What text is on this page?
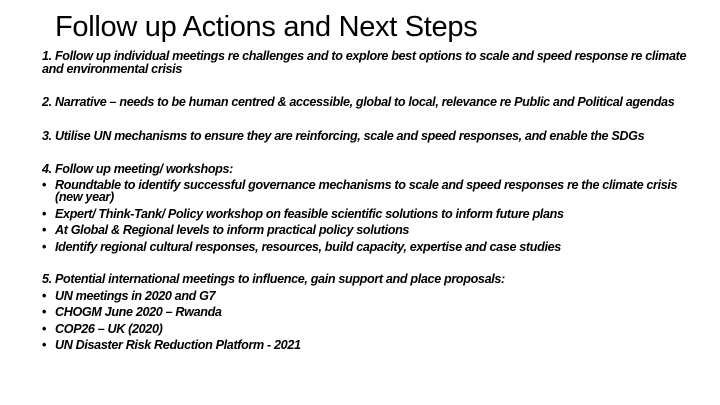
Follow up Actions and Next Steps

1. Follow up individual meetings re challenges and to explore best options to scale and speed response re climate and environmental crisis

2. Narrative – needs to be human centred & accessible, global to local, relevance re Public and Political agendas

3. Utilise UN mechanisms to ensure they are reinforcing, scale and speed responses, and enable the SDGs

4. Follow up meeting/ workshops:

• Roundtable to identify successful governance mechanisms to scale and speed responses re the climate crisis (new year)
• Expert/ Think-Tank/ Policy workshop on feasible scientific solutions to inform future plans
• At Global & Regional levels to inform practical policy solutions
• Identify regional cultural responses, resources, build capacity, expertise and case studies

5. Potential international meetings to influence, gain support and place proposals:

• UN meetings in 2020 and G7
• CHOGM June 2020 – Rwanda
• COP26 – UK (2020)
• UN Disaster Risk Reduction Platform - 2021
